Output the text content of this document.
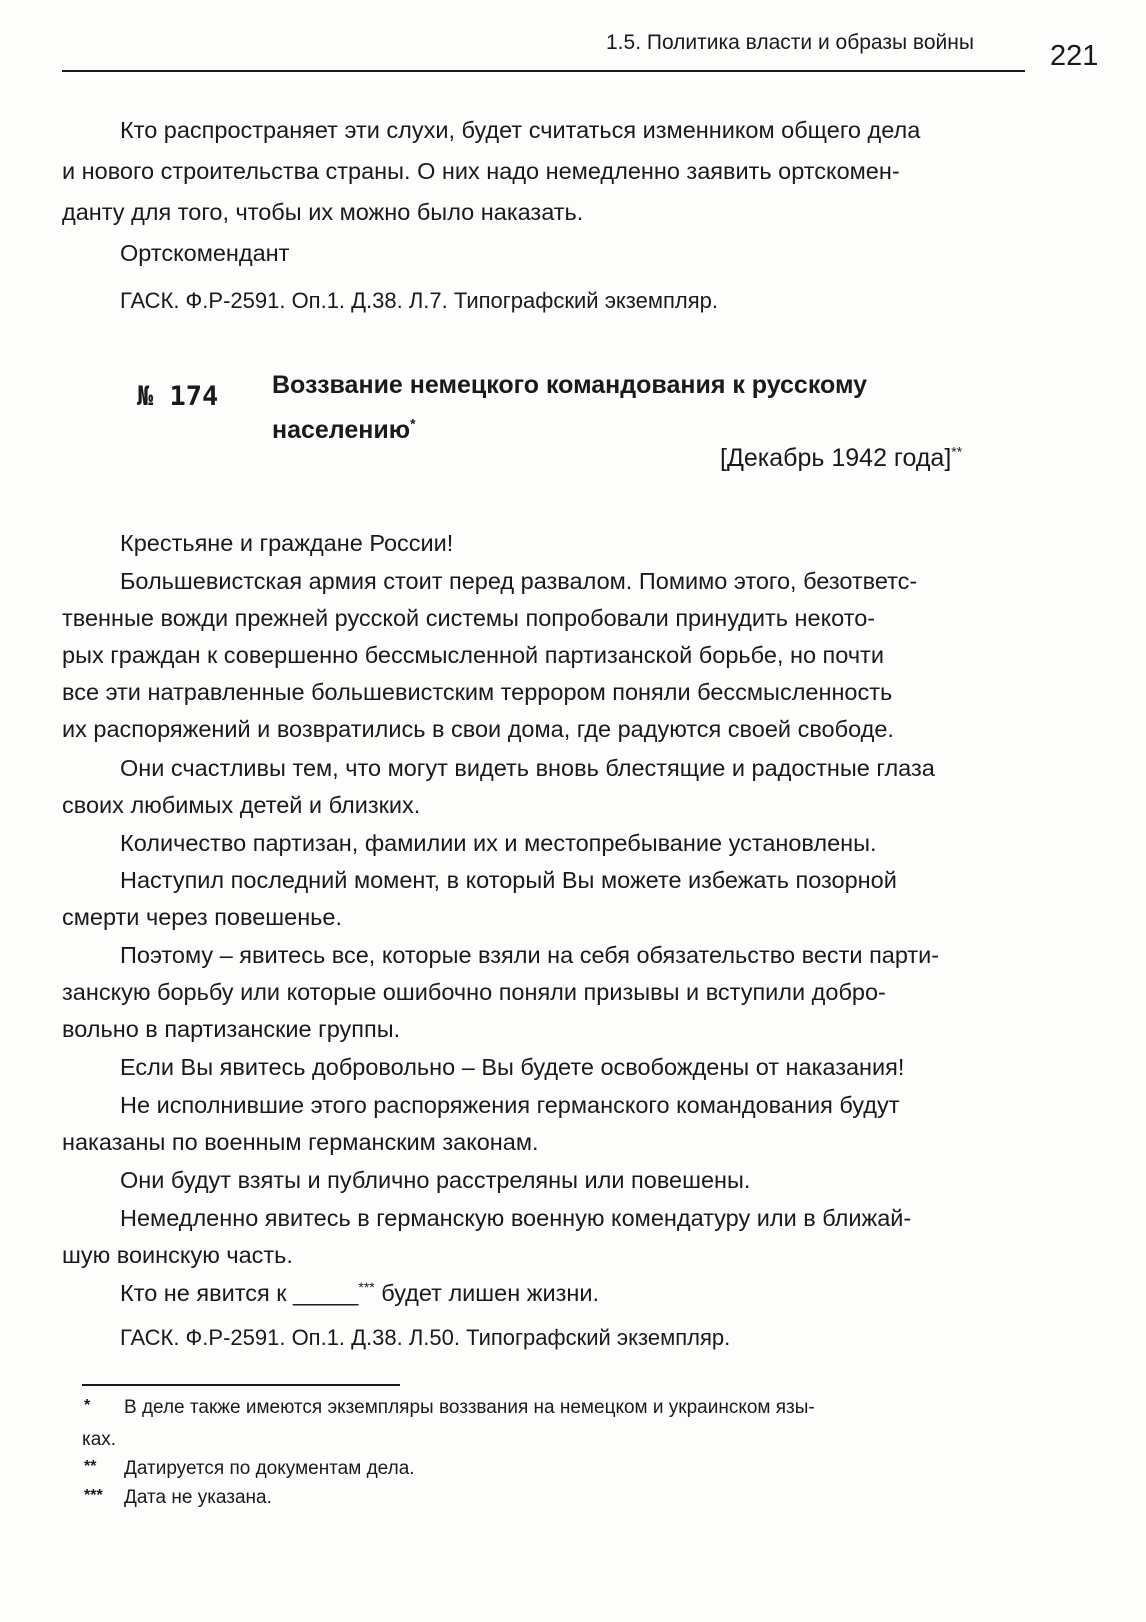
1.5. Политика власти и образы войны	221
Кто распространяет эти слухи, будет считаться изменником общего дела
и нового строительства страны. О них надо немедленно заявить ортскомен-
данту для того, чтобы их можно было наказать.
Ортскомендант
ГАСК. Ф.Р-2591. Оп.1. Д.38. Л.7. Типографский экземпляр.
№ 174 Воззвание немецкого командования к русскому
населению*
[Декабрь 1942 года]**
Крестьяне и граждане России!
Большевистская армия стоит перед развалом. Помимо этого, безответс-
твенные вожди прежней русской системы попробовали принудить некото-
рых граждан к совершенно бессмысленной партизанской борьбе, но почти
все эти натравленные большевистским террором поняли бессмысленность
их распоряжений и возвратились в свои дома, где радуются своей свободе.
Они счастливы тем, что могут видеть вновь блестящие и радостные глаза
своих любимых детей и близких.
Количество партизан, фамилии их и местопребывание установлены.
Наступил последний момент, в который Вы можете избежать позорной
смерти через повешенье.
Поэтому – явитесь все, которые взяли на себя обязательство вести парти-
занскую борьбу или которые ошибочно поняли призывы и вступили добро-
вольно в партизанские группы.
Если Вы явитесь добровольно – Вы будете освобождены от наказания!
Не исполнившие этого распоряжения германского командования будут
наказаны по военным германским законам.
Они будут взяты и публично расстреляны или повешены.
Немедленно явитесь в германскую военную комендатуру или в ближай-
шую воинскую часть.
Кто не явится к _____*** будет лишен жизни.
ГАСК. Ф.Р-2591. Оп.1. Д.38. Л.50. Типографский экземпляр.
* В деле также имеются экземпляры воззвания на немецком и украинском язы-
ках.
** Датируется по документам дела.
*** Дата не указана.
